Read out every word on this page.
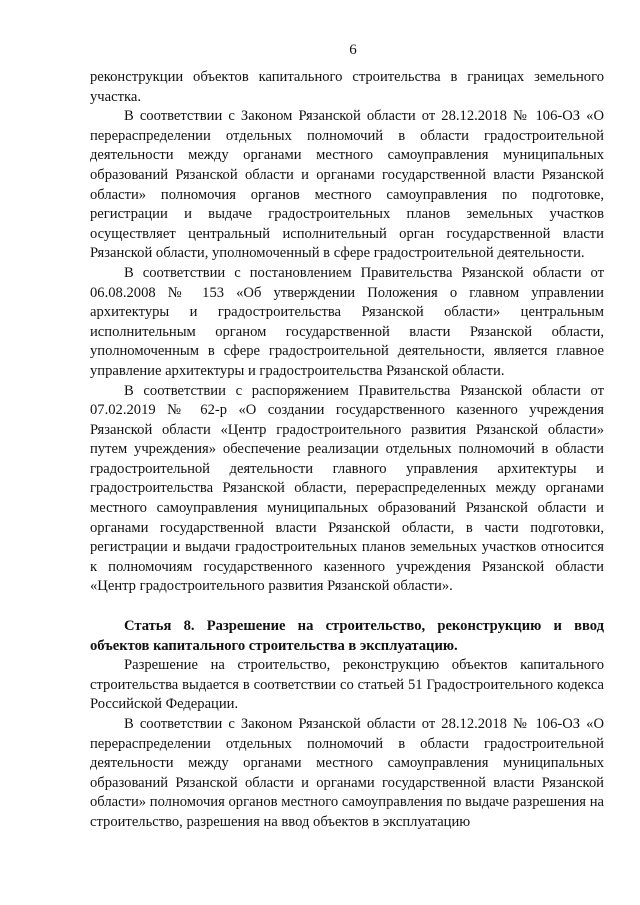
6

реконструкции объектов капитального строительства в границах земельного участка.

В соответствии с Законом Рязанской области от 28.12.2018 № 106-ОЗ «О перераспределении отдельных полномочий в области градостроительной деятельности между органами местного самоуправления муниципальных образований Рязанской области и органами государственной власти Рязанской области» полномочия органов местного самоуправления по подготовке, регистрации и выдаче градостроительных планов земельных участков осуществляет центральный исполнительный орган государственной власти Рязанской области, уполномоченный в сфере градостроительной деятельности.

В соответствии с постановлением Правительства Рязанской области от 06.08.2008 № 153 «Об утверждении Положения о главном управлении архитектуры и градостроительства Рязанской области» центральным исполнительным органом государственной власти Рязанской области, уполномоченным в сфере градостроительной деятельности, является главное управление архитектуры и градостроительства Рязанской области.

В соответствии с распоряжением Правительства Рязанской области от 07.02.2019 № 62-р «О создании государственного казенного учреждения Рязанской области «Центр градостроительного развития Рязанской области» путем учреждения» обеспечение реализации отдельных полномочий в области градостроительной деятельности главного управления архитектуры и градостроительства Рязанской области, перераспределенных между органами местного самоуправления муниципальных образований Рязанской области и органами государственной власти Рязанской области, в части подготовки, регистрации и выдачи градостроительных планов земельных участков относится к полномочиям государственного казенного учреждения Рязанской области «Центр градостроительного развития Рязанской области».

Статья 8. Разрешение на строительство, реконструкцию и ввод объектов капитального строительства в эксплуатацию.

Разрешение на строительство, реконструкцию объектов капитального строительства выдается в соответствии со статьей 51 Градостроительного кодекса Российской Федерации.

В соответствии с Законом Рязанской области от 28.12.2018 № 106-ОЗ «О перераспределении отдельных полномочий в области градостроительной деятельности между органами местного самоуправления муниципальных образований Рязанской области и органами государственной власти Рязанской области» полномочия органов местного самоуправления по выдаче разрешения на строительство, разрешения на ввод объектов в эксплуатацию
